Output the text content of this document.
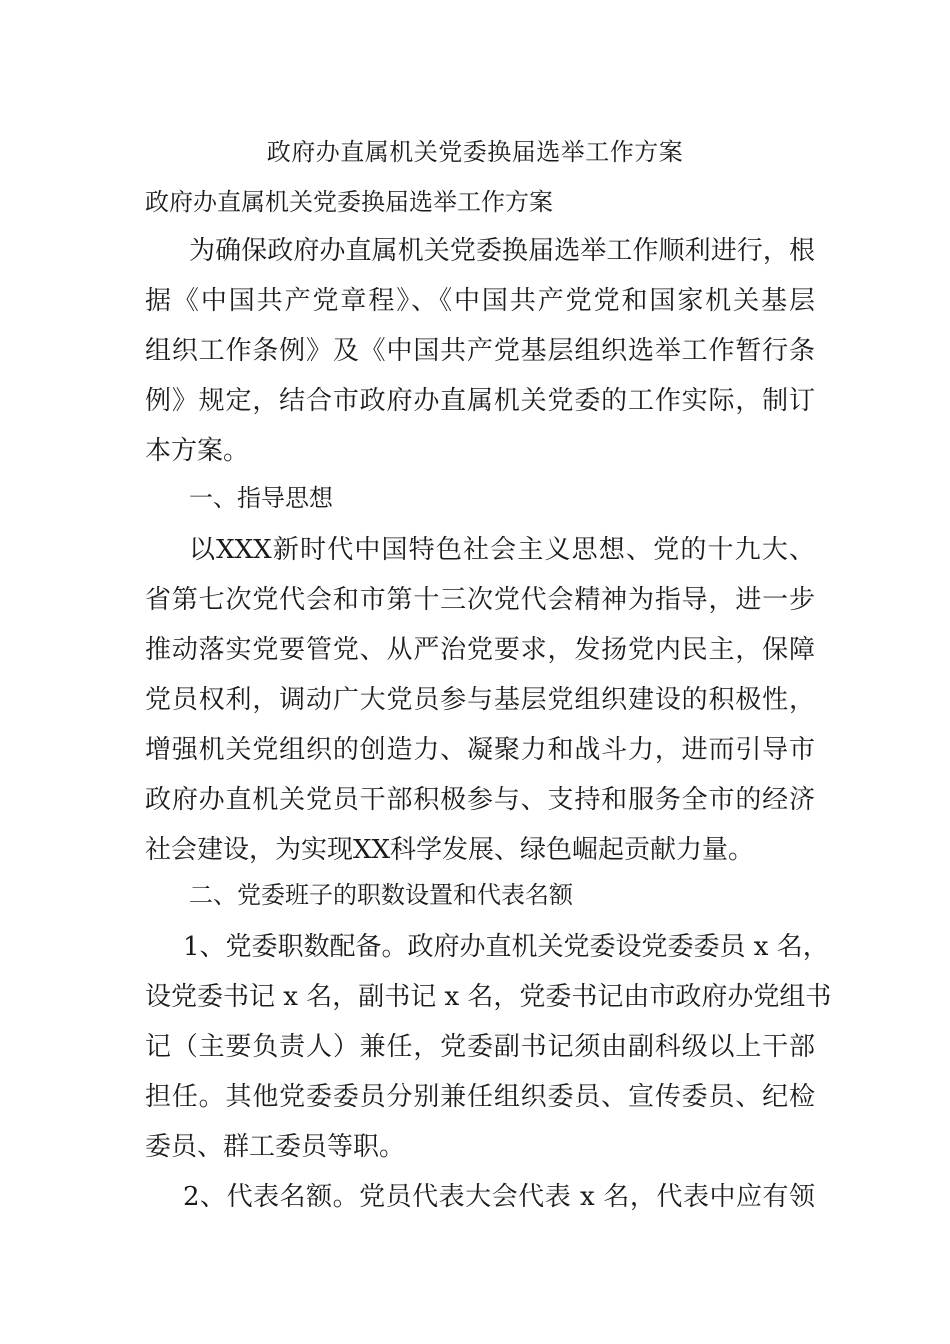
政府办直属机关党委换届选举工作方案
政府办直属机关党委换届选举工作方案
为确保政府办直属机关党委换届选举工作顺利进行，根
据《中国共产党章程》、《中国共产党党和国家机关基层
组织工作条例》及《中国共产党基层组织选举工作暂行条
例》规定，结合市政府办直属机关党委的工作实际，制订
本方案。
一、指导思想
以XXX新时代中国特色社会主义思想、党的十九大、
省第七次党代会和市第十三次党代会精神为指导，进一步
推动落实党要管党、从严治党要求，发扬党内民主，保障
党员权利，调动广大党员参与基层党组织建设的积极性，
增强机关党组织的创造力、凝聚力和战斗力，进而引导市
政府办直机关党员干部积极参与、支持和服务全市的经济
社会建设，为实现XX科学发展、绿色崛起贡献力量。
二、党委班子的职数设置和代表名额
1、党委职数配备。政府办直机关党委设党委委员 x 名，
设党委书记 x 名，副书记 x 名，党委书记由市政府办党组书
记（主要负责人）兼任，党委副书记须由副科级以上干部
担任。其他党委委员分别兼任组织委员、宣传委员、纪检
委员、群工委员等职。
2、代表名额。党员代表大会代表 x 名，代表中应有领
